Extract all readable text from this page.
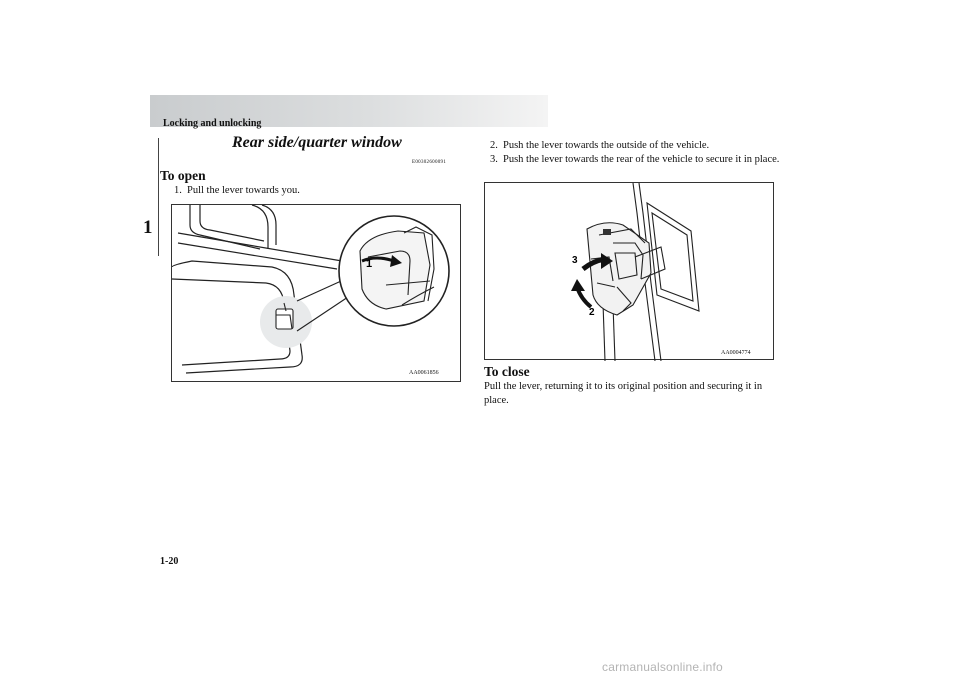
Locking and unlocking
1
Rear side/quarter window
E00302600091
To open
1. Pull the lever towards you.
1
AA0061856
2. Push the lever towards the outside of the vehicle.
3. Push the lever towards the rear of the vehicle to secure it in place.
3
2
AA0004774
To close
Pull the lever, returning it to its original position and securing it in place.
1-20
carmanualsonline.info
